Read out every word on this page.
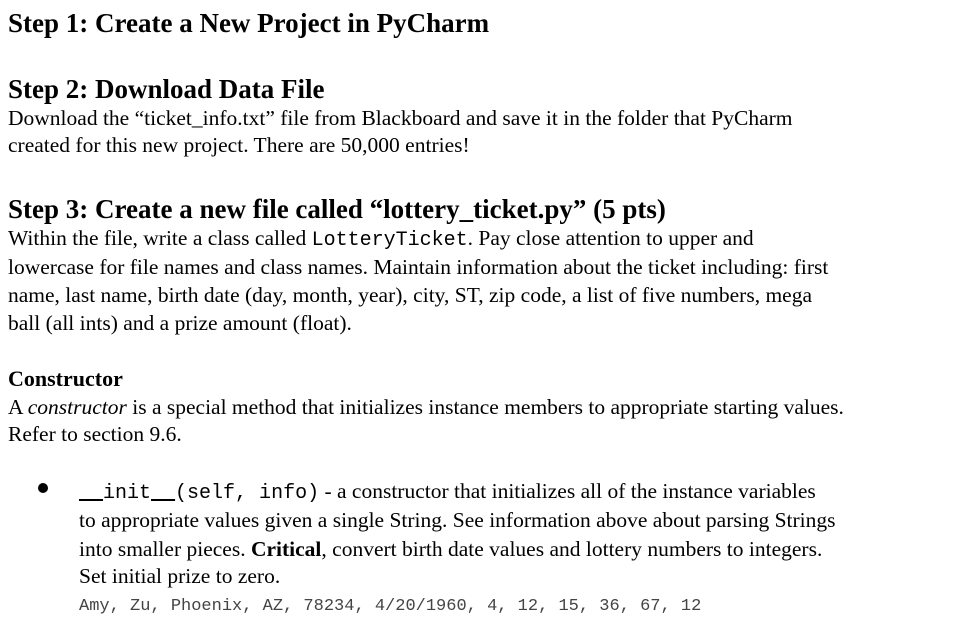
Step 1: Create a New Project in PyCharm
Step 2: Download Data File

Download the “ticket_info.txt” file from Blackboard and save it in the folder that PyCharm

created for this new project. There are 50,000 entries!

Step 3: Create a new file called “lottery_ticket.py” (5 pts)

Within the file, write a class called LotteryTicket. Pay close attention to upper and

lowercase for file names and class names. Maintain information about the ticket including: first

name, last name, birth date (day, month, year), city, ST, zip code, a list of five numbers, mega

ball (all ints) and a prize amount (float).

Constructor

A constructor is a special method that initializes instance members to appropriate starting values.

Refer to section 9.6.

__init__(self, info) - a constructor that initializes all of the instance variables

to appropriate values given a single String. See information above about parsing Strings

into smaller pieces. Critical, convert birth date values and lottery numbers to integers.

Set initial prize to zero.

Amy, Zu, Phoenix, AZ, 78234, 4/20/1960, 4, 12, 15, 36, 67, 12
